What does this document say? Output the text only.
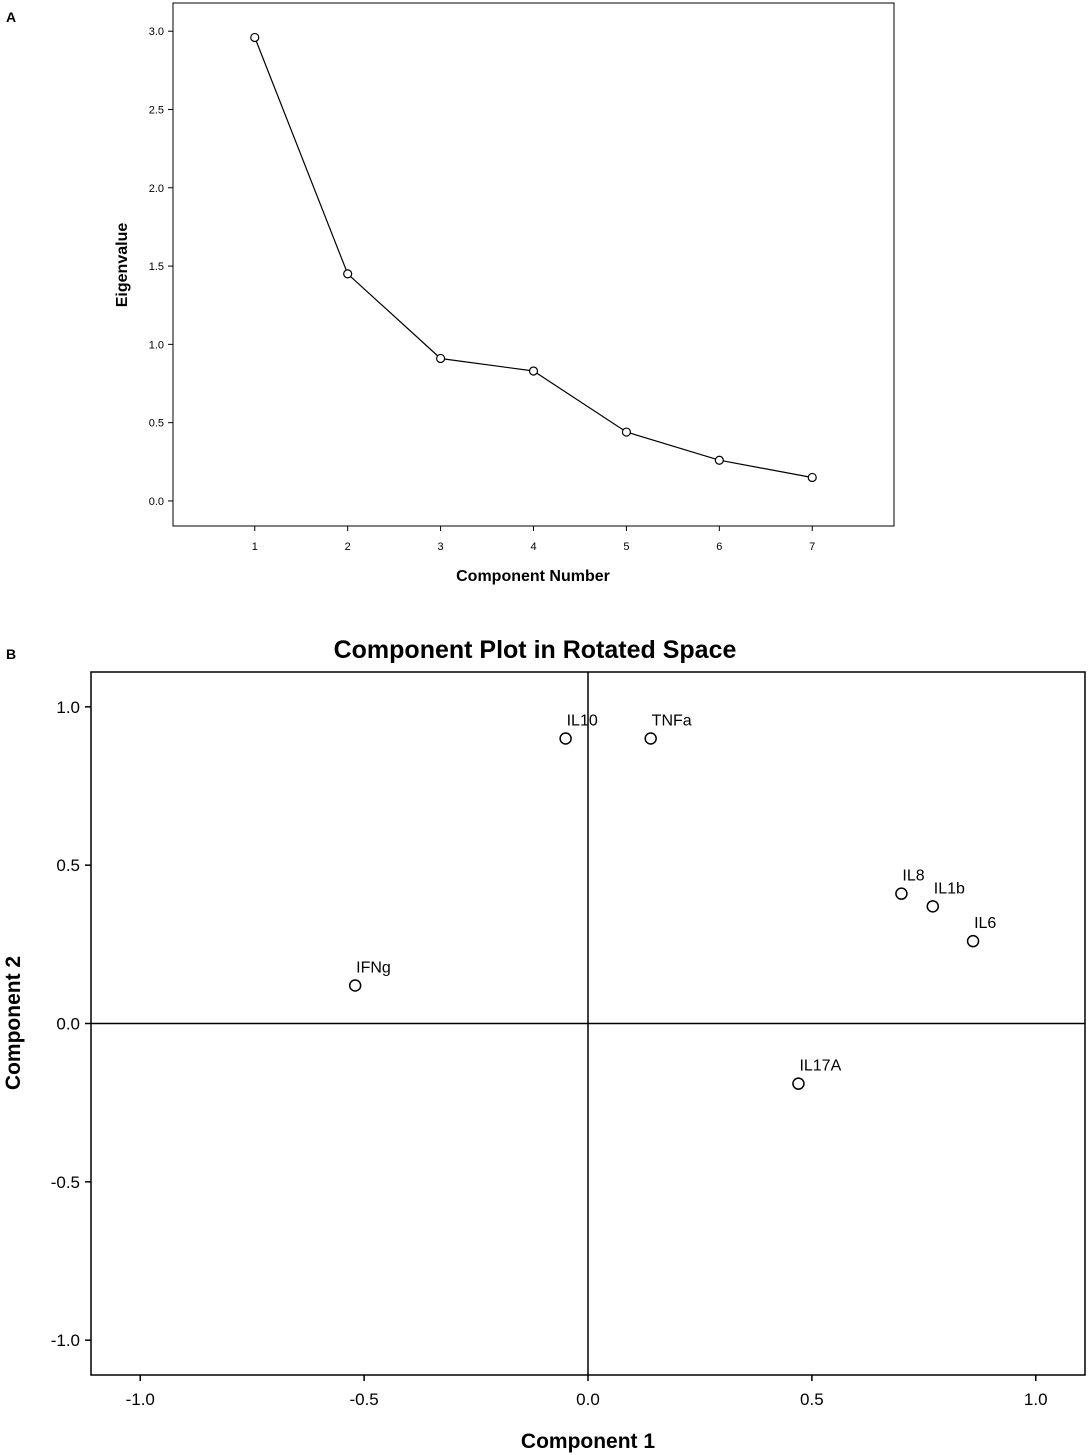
A
0.0
0.5
1.0
1.5
2.0
2.5
3.0
1	2	3	4	5	6	7
Component Number
Eigenvalue
B	Component Plot in Rotated Space
-1.0
-0.5
0.0
0.5
1.0
-1.0	-0.5	0.0	0.5	1.0
IL10	TNFa
IL8
IL1b
IL6
IFNg
IL17A
Component 1
Component 2
